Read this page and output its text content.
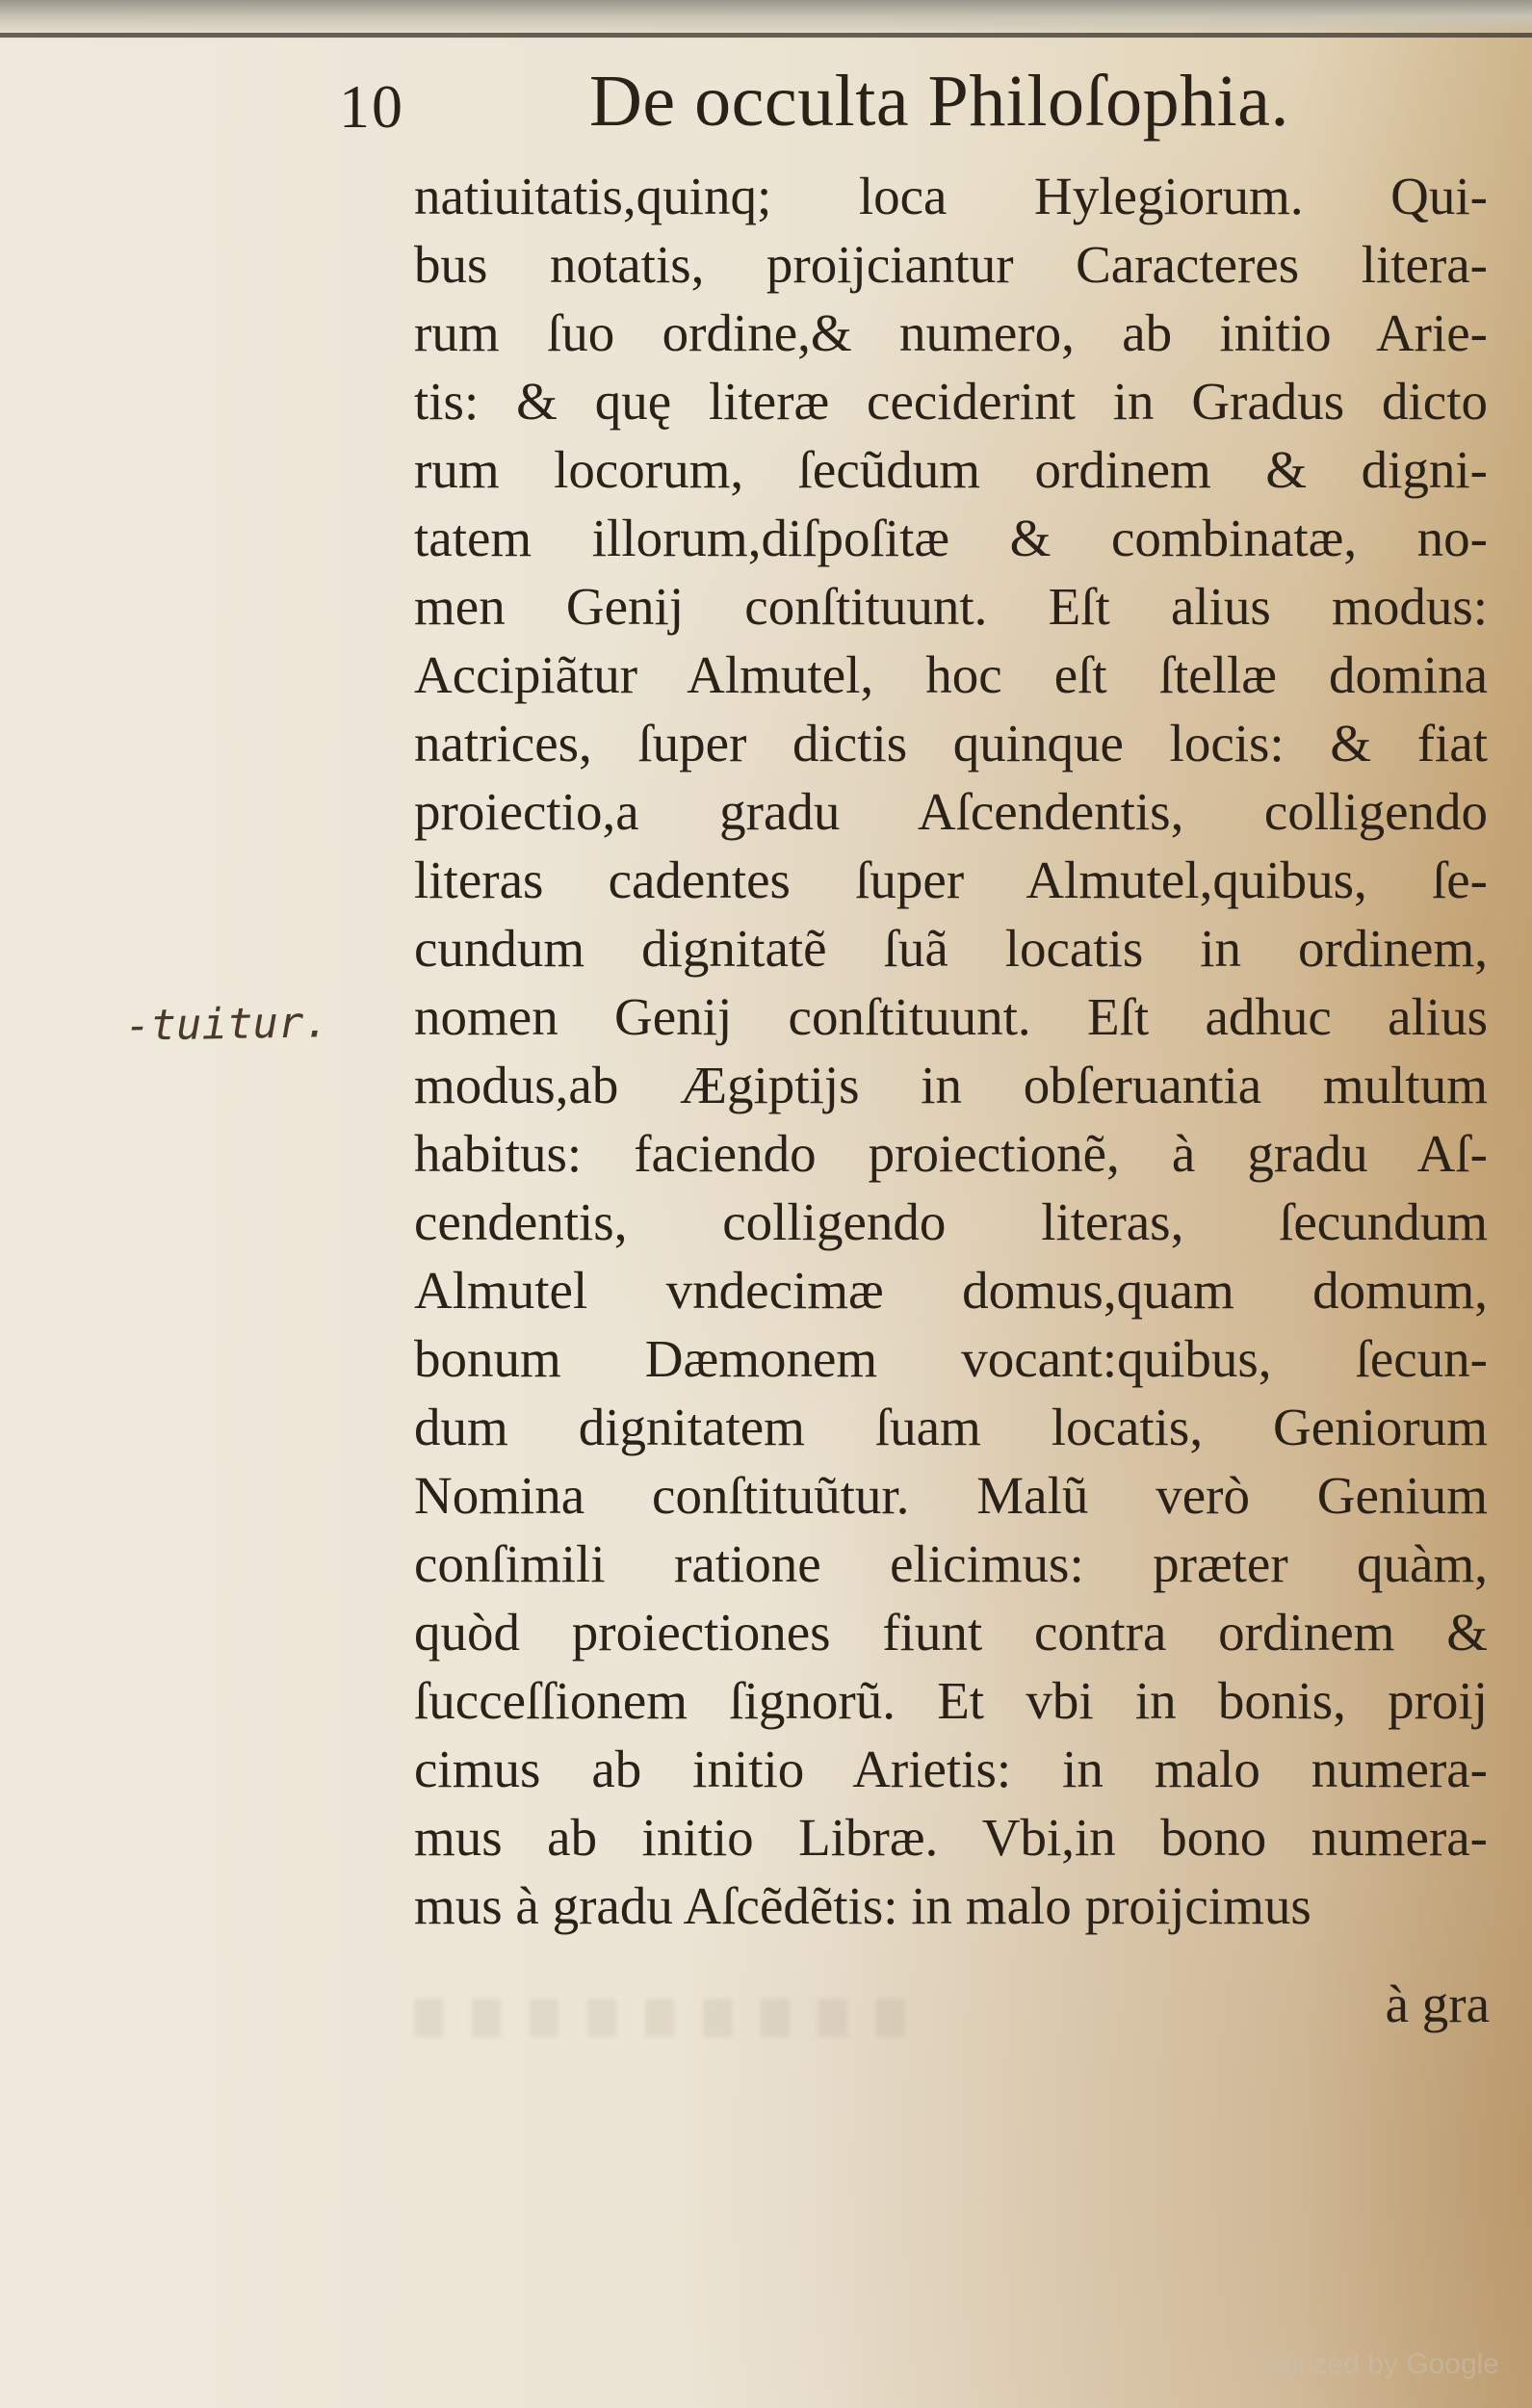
10	De occulta Philoſophia.
-tuitur.
natiuitatis,quinq; loca Hylegiorum. Qui-
bus notatis, proijciantur Caracteres litera-
rum ſuo ordine,& numero, ab initio Arie-
tis: & quę literæ ceciderint in Gradus dicto
rum locorum, ſecũdum ordinem & digni-
tatem illorum,diſpoſitæ & combinatæ, no-
men Genij conſtituunt. Eſt alius modus:
Accipiãtur Almutel, hoc eſt ſtellæ domina
natrices, ſuper dictis quinque locis: & fiat
proiectio,a gradu Aſcendentis, colligendo
literas cadentes ſuper Almutel,quibus, ſe-
cundum dignitatẽ ſuã locatis in ordinem,
nomen Genij conſtituunt. Eſt adhuc alius
modus,ab Ægiptijs in obſeruantia multum
habitus: faciendo proiectionẽ, à gradu Aſ-
cendentis, colligendo literas, ſecundum
Almutel vndecimæ domus,quam domum,
bonum Dæmonem vocant:quibus, ſecun-
dum dignitatem ſuam locatis, Geniorum
Nomina conſtituũtur. Malũ verò Genium
conſimili ratione elicimus: præter quàm,
quòd proiectiones fiunt contra ordinem &
ſucceſſionem ſignorũ. Et vbi in bonis, proij
cimus ab initio Arietis: in malo numera-
mus ab initio Libræ. Vbi,in bono numera-
mus à gradu Aſcẽdẽtis: in malo proijcimus
à gra
Digitized by Google
